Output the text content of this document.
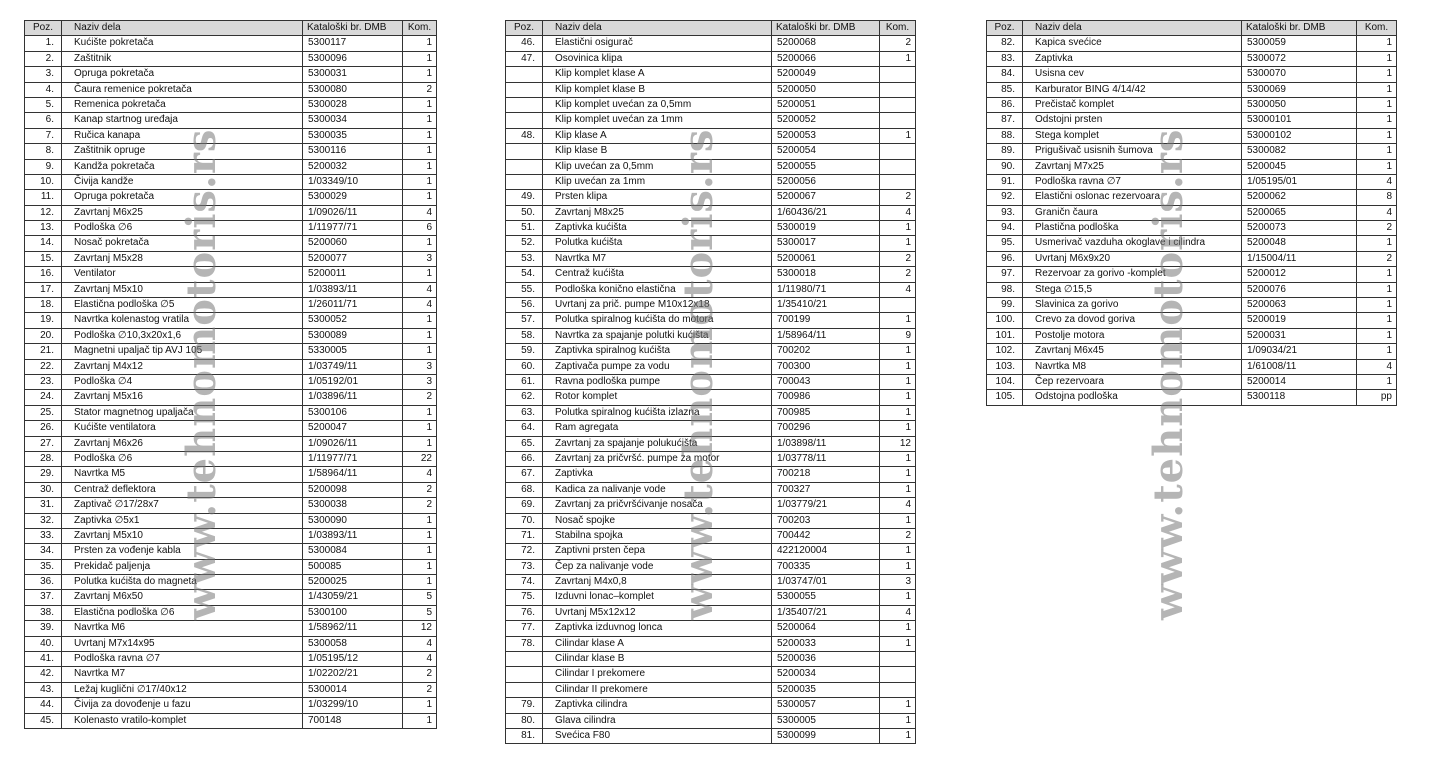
Poz.	Naziv dela	Kataloški br. DMB	Kom.
1.	Kućište pokretača	5300117	1
2.	Zaštitnik	5300096	1
3.	Opruga pokretača	5300031	1
4.	Čaura remenice pokretača	5300080	2
5.	Remenica pokretača	5300028	1
6.	Kanap startnog uređaja	5300034	1
7.	Ručica kanapa	5300035	1
8.	Zaštitnik opruge	5300116	1
9.	Kandža pokretača	5200032	1
10.	Čivija kandže	1/03349/10	1
11.	Opruga pokretača	5300029	1
12.	Zavrtanj M6x25	1/09026/11	4
13.	Podloška ∅6	1/11977/71	6
14.	Nosač pokretača	5200060	1
15.	Zavrtanj M5x28	5200077	3
16.	Ventilator	5200011	1
17.	Zavrtanj M5x10	1/03893/11	4
18.	Elastična podloška ∅5	1/26011/71	4
19.	Navrtka kolenastog vratila	5300052	1
20.	Podloška ∅10,3x20x1,6	5300089	1
21.	Magnetni upaljač tip AVJ 105	5330005	1
22.	Zavrtanj M4x12	1/03749/11	3
23.	Podloška ∅4	1/05192/01	3
24.	Zavrtanj M5x16	1/03896/11	2
25.	Stator magnetnog upaljača	5300106	1
26.	Kućište ventilatora	5200047	1
27.	Zavrtanj M6x26	1/09026/11	1
28.	Podloška ∅6	1/11977/71	22
29.	Navrtka M5	1/58964/11	4
30.	Centraž deflektora	5200098	2
31.	Zaptivač ∅17/28x7	5300038	2
32.	Zaptivka ∅5x1	5300090	1
33.	Zavrtanj M5x10	1/03893/11	1
34.	Prsten za vođenje kabla	5300084	1
35.	Prekidač paljenja	500085	1
36.	Polutka kućišta do magneta	5200025	1
37.	Zavrtanj M6x50	1/43059/21	5
38.	Elastična podloška ∅6	5300100	5
39.	Navrtka M6	1/58962/11	12
40.	Uvrtanj M7x14x95	5300058	4
41.	Podloška ravna ∅7	1/05195/12	4
42.	Navrtka M7	1/02202/21	2
43.	Ležaj kuglični ∅17/40x12	5300014	2
44.	Čivija za dovođenje u fazu	1/03299/10	1
45.	Kolenasto vratilo-komplet	700148	1
Poz.	Naziv dela	Kataloški br. DMB	Kom.
46.	Elastični osigurač	5200068	2
47.	Osovinica klipa	5200066	1
	Klip komplet klase A	5200049	
	Klip komplet klase B	5200050	
	Klip komplet uvećan za 0,5mm	5200051	
	Klip komplet uvećan za 1mm	5200052	
48.	Klip klase A	5200053	1
	Klip klase B	5200054	
	Klip uvećan za 0,5mm	5200055	
	Klip uvećan za 1mm	5200056	
49.	Prsten klipa	5200067	2
50.	Zavrtanj M8x25	1/60436/21	4
51.	Zaptivka kućišta	5300019	1
52.	Polutka kućišta	5300017	1
53.	Navrtka M7	5200061	2
54.	Centraž kućišta	5300018	2
55.	Podloška konično elastična	1/11980/71	4
56.	Uvrtanj za prič. pumpe M10x12x18	1/35410/21	
57.	Polutka spiralnog kućišta do motora	700199	1
58.	Navrtka za spajanje polutki kućišta	1/58964/11	9
59.	Zaptivka spiralnog kućišta	700202	1
60.	Zaptivača pumpe za vodu	700300	1
61.	Ravna podloška pumpe	700043	1
62.	Rotor komplet	700986	1
63.	Polutka spiralnog kućišta izlazna	700985	1
64.	Ram agregata	700296	1
65.	Zavrtanj za spajanje polukućišta	1/03898/11	12
66.	Zavrtanj za pričvršć. pumpe za motor	1/03778/11	1
67.	Zaptivka	700218	1
68.	Kadica za nalivanje vode	700327	1
69.	Zavrtanj za pričvršćivanje nosača	1/03779/21	4
70.	Nosač spojke	700203	1
71.	Stabilna spojka	700442	2
72.	Zaptivni prsten čepa	422120004	1
73.	Čep za nalivanje vode	700335	1
74.	Zavrtanj M4x0,8	1/03747/01	3
75.	Izduvni lonac–komplet	5300055	1
76.	Uvrtanj M5x12x12	1/35407/21	4
77.	Zaptivka izduvnog lonca	5200064	1
78.	Cilindar klase A	5200033	1
	Cilindar klase B	5200036	
	Cilindar I prekomere	5200034	
	Cilindar II prekomere	5200035	
79.	Zaptivka cilindra	5300057	1
80.	Glava cilindra	5300005	1
81.	Svećica F80	5300099	1
Poz.	Naziv dela	Kataloški br. DMB	Kom.
82.	Kapica svećice	5300059	1
83.	Zaptivka	5300072	1
84.	Usisna cev	5300070	1
85.	Karburator BING 4/14/42	5300069	1
86.	Prečistač komplet	5300050	1
87.	Odstojni prsten	53000101	1
88.	Stega komplet	53000102	1
89.	Prigušivač usisnih šumova	5300082	1
90.	Zavrtanj M7x25	5200045	1
91.	Podloška ravna ∅7	1/05195/01	4
92.	Elastični oslonac rezervoara	5200062	8
93.	Graničn čaura	5200065	4
94.	Plastična podloška	5200073	2
95.	Usmerivač vazduha okoglave i cilindra	5200048	1
96.	Uvrtanj M6x9x20	1/15004/11	2
97.	Rezervoar za gorivo -komplet	5200012	1
98.	Stega ∅15,5	5200076	1
99.	Slavinica za gorivo	5200063	1
100.	Crevo za dovod goriva	5200019	1
101.	Postolje motora	5200031	1
102.	Zavrtanj M6x45	1/09034/21	1
103.	Navrtka M8	1/61008/11	4
104.	Čep rezervoara	5200014	1
105.	Odstojna podloška	5300118	pp
www.tehnomotoris.rs	www.tehnomotoris.rs	www.tehnomotoris.rs
